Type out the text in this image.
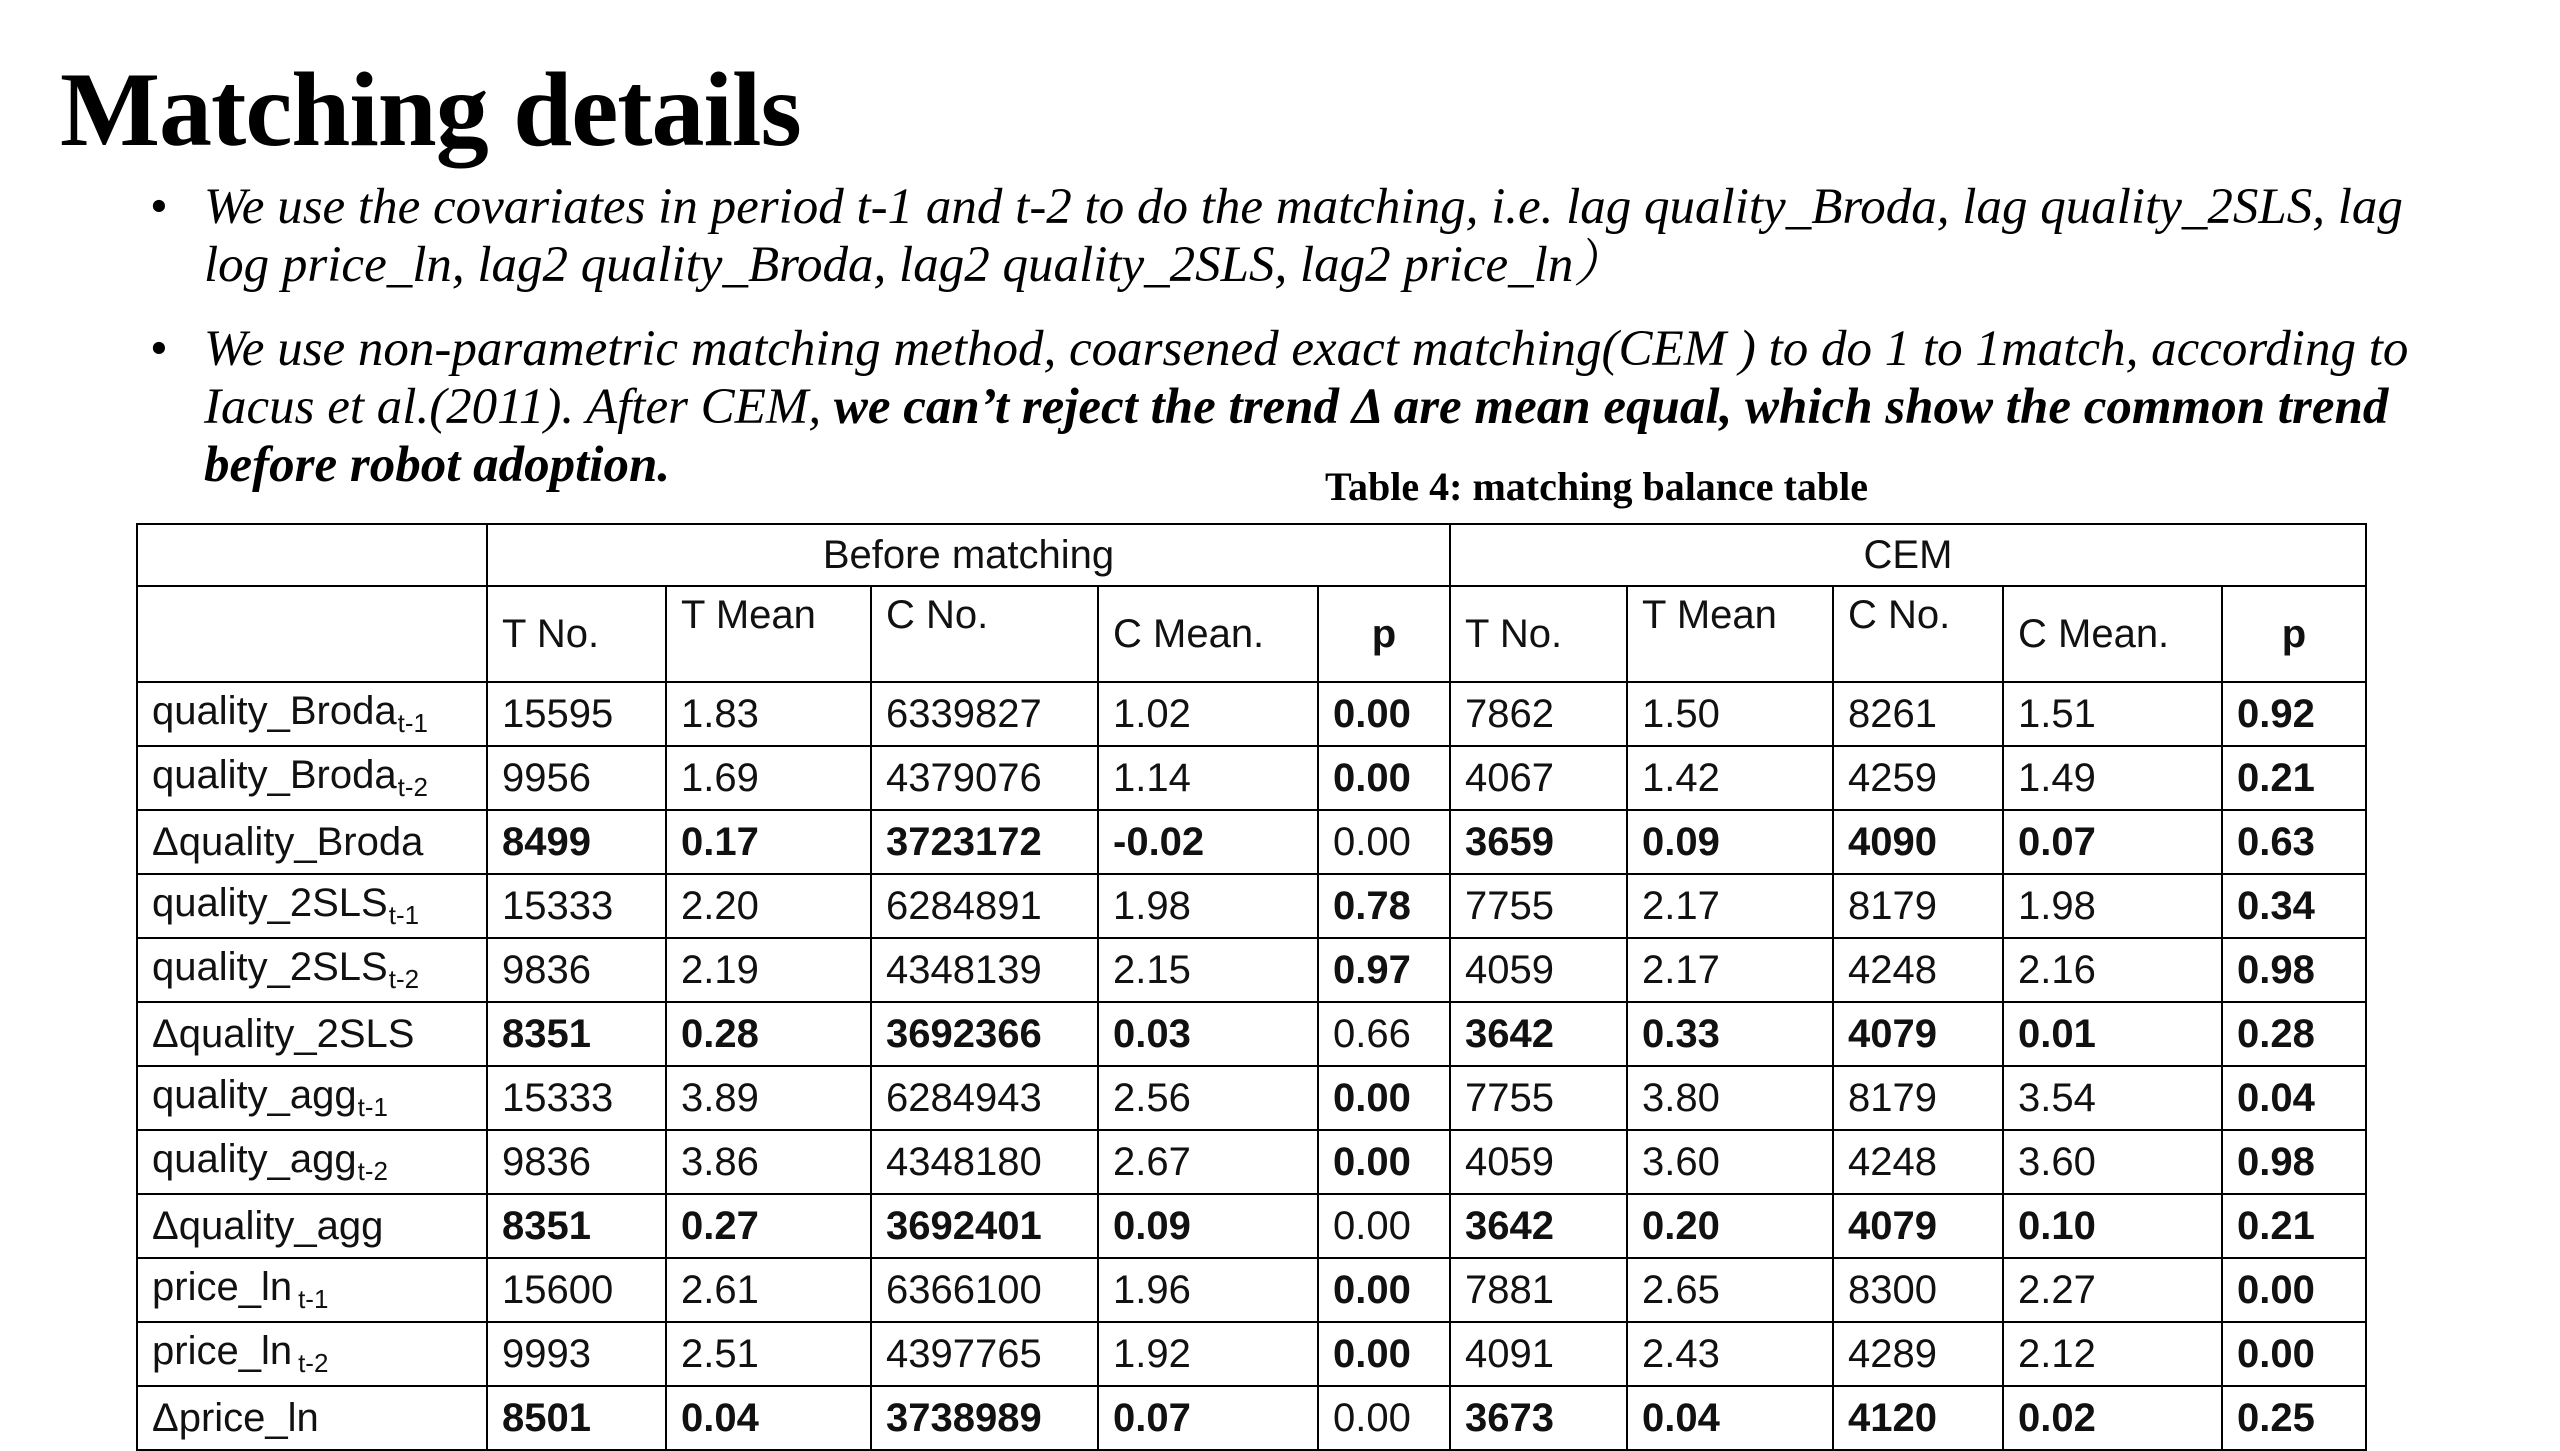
Matching details
• We use the covariates in period t-1 and t-2 to do the matching, i.e. lag quality_Broda, lag quality_2SLS, lag log price_ln, lag2 quality_Broda, lag2 quality_2SLS, lag2 price_ln）
• We use non-parametric matching method, coarsened exact matching(CEM ) to do 1 to 1match, according to Iacus et al.(2011). After CEM, we can’t reject the trend Δ are mean equal, which show the common trend before robot adoption.	Table 4: matching balance table
	Before matching					CEM				
	T No.	T Mean	C No.	C Mean.	p	T No.	T Mean	C No.	C Mean.	p
quality_Broda$_{t-1}$	15595	1.83	6339827	1.02	0.00	7862	1.50	8261	1.51	0.92
quality_Broda$_{t-2}$	9956	1.69	4379076	1.14	0.00	4067	1.42	4259	1.49	0.21
Δquality_Broda	8499	0.17	3723172	-0.02	0.00	3659	0.09	4090	0.07	0.63
$quality\_2SLS_{t-1}$	15333	2.20	6284891	1.98	0.78	7755	2.17	8179	1.98	0.34
$quality\_2SLS_{t-2}$	9836	2.19	4348139	2.15	0.97	4059	2.17	4248	2.16	0.98
Δquality_2SLS	8351	0.28	3692366	0.03	0.66	3642	0.33	4079	0.01	0.28
quality_agg$_{t-1}$	15333	3.89	6284943	2.56	0.00	7755	3.80	8179	3.54	0.04
quality_agg$_{t-2}$	9836	3.86	4348180	2.67	0.00	4059	3.60	4248	3.60	0.98
Δquality_agg	8351	0.27	3692401	0.09	0.00	3642	0.20	4079	0.10	0.21
price_ln $_{t-1}$	15600	2.61	6366100	1.96	0.00	7881	2.65	8300	2.27	0.00
price_ln $_{t-2}$	9993	2.51	4397765	1.92	0.00	4091	2.43	4289	2.12	0.00
Δprice_ln	8501	0.04	3738989	0.07	0.00	3673	0.04	4120	0.02	0.25
